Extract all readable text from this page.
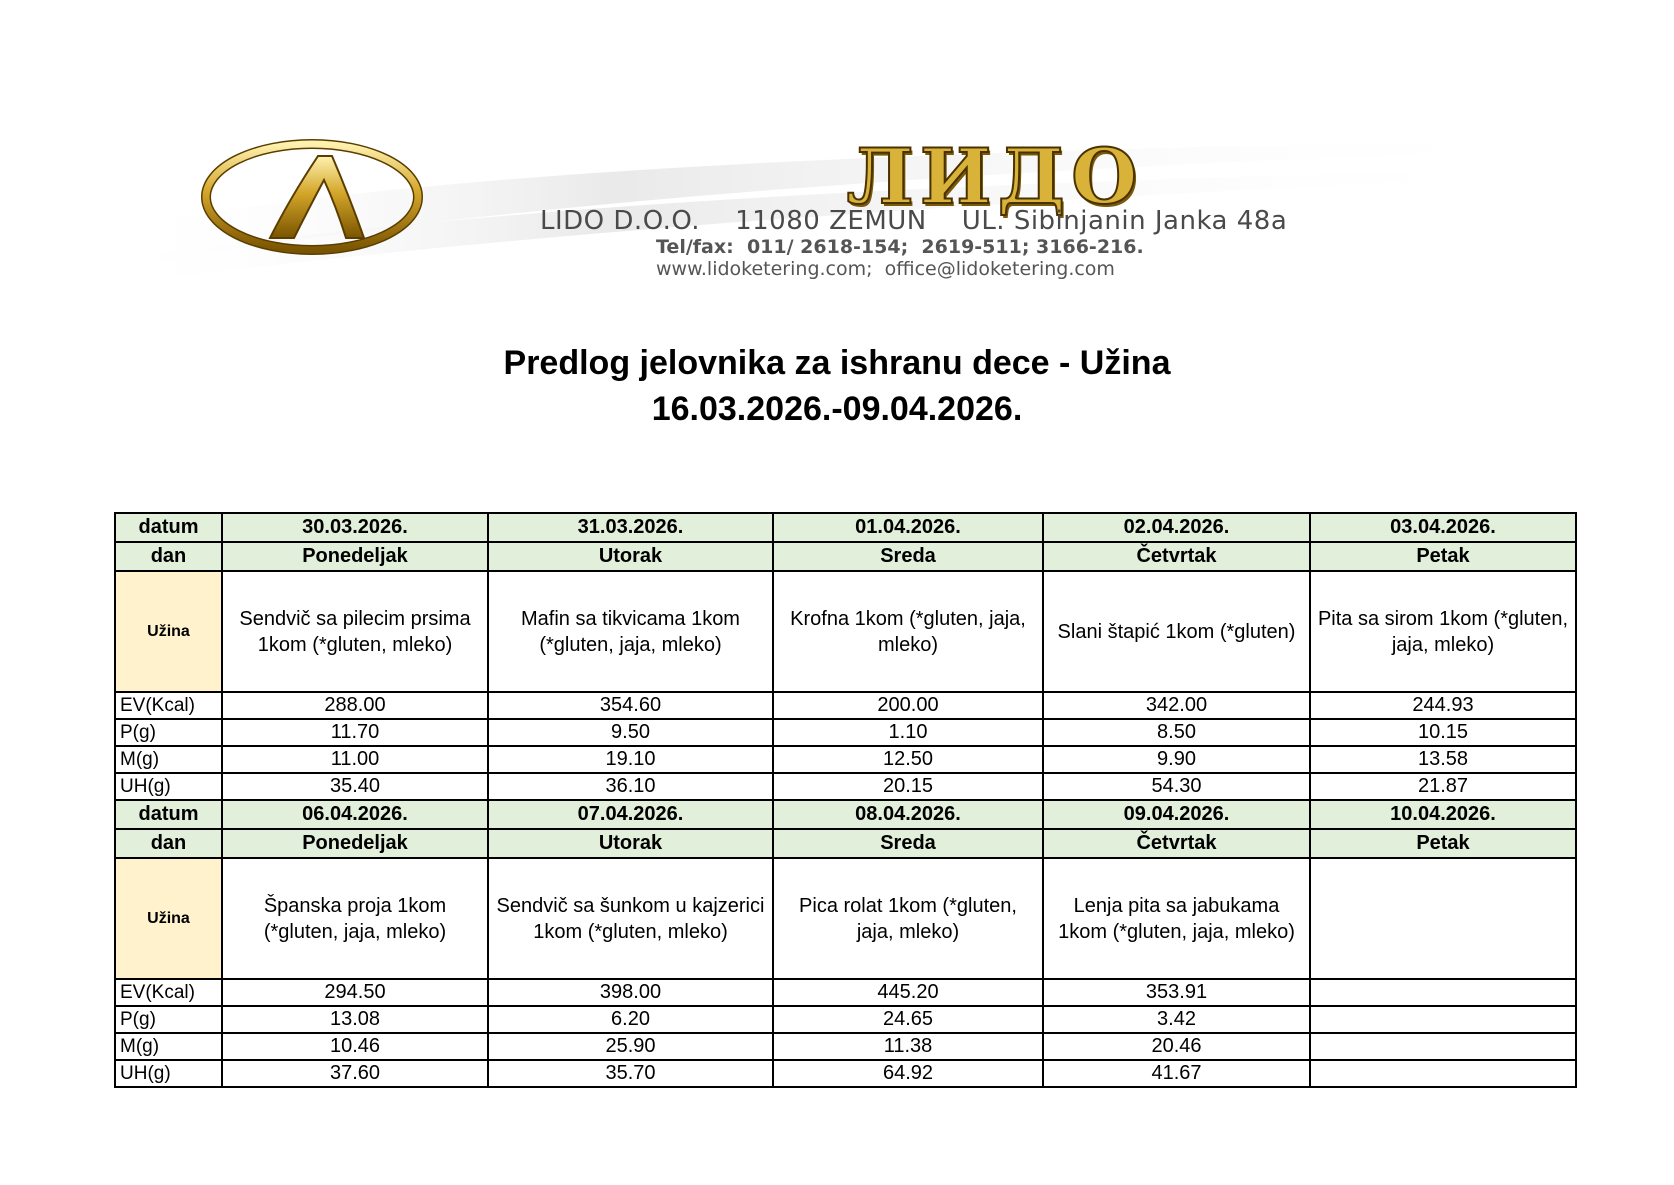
ЛИДО
LIDO D.O.O.    11080 ZEMUN    UL. Sibinjanin Janka 48a
Tel/fax:  011/ 2618-154;  2619-511; 3166-216.
www.lidoketering.com;  office@lidoketering.com
Predlog jelovnika za ishranu dece - Užina
16.03.2026.-09.04.2026.
datum	30.03.2026.	31.03.2026.	01.04.2026.	02.04.2026.	03.04.2026.
dan	Ponedeljak	Utorak	Sreda	Četvrtak	Petak
Užina	Sendvič sa pilecim prsima 1kom (*gluten, mleko)	Mafin sa tikvicama 1kom (*gluten, jaja, mleko)	Krofna 1kom (*gluten, jaja, mleko)	Slani štapić 1kom (*gluten)	Pita sa sirom 1kom (*gluten, jaja, mleko)
EV(Kcal)	288.00	354.60	200.00	342.00	244.93
P(g)	11.70	9.50	1.10	8.50	10.15
M(g)	11.00	19.10	12.50	9.90	13.58
UH(g)	35.40	36.10	20.15	54.30	21.87
datum	06.04.2026.	07.04.2026.	08.04.2026.	09.04.2026.	10.04.2026.
dan	Ponedeljak	Utorak	Sreda	Četvrtak	Petak
Užina	Španska proja 1kom (*gluten, jaja, mleko)	Sendvič sa šunkom u kajzerici 1kom (*gluten, mleko)	Pica rolat 1kom (*gluten, jaja, mleko)	Lenja pita sa jabukama 1kom (*gluten, jaja, mleko)	
EV(Kcal)	294.50	398.00	445.20	353.91	
P(g)	13.08	6.20	24.65	3.42	
M(g)	10.46	25.90	11.38	20.46	
UH(g)	37.60	35.70	64.92	41.67	
